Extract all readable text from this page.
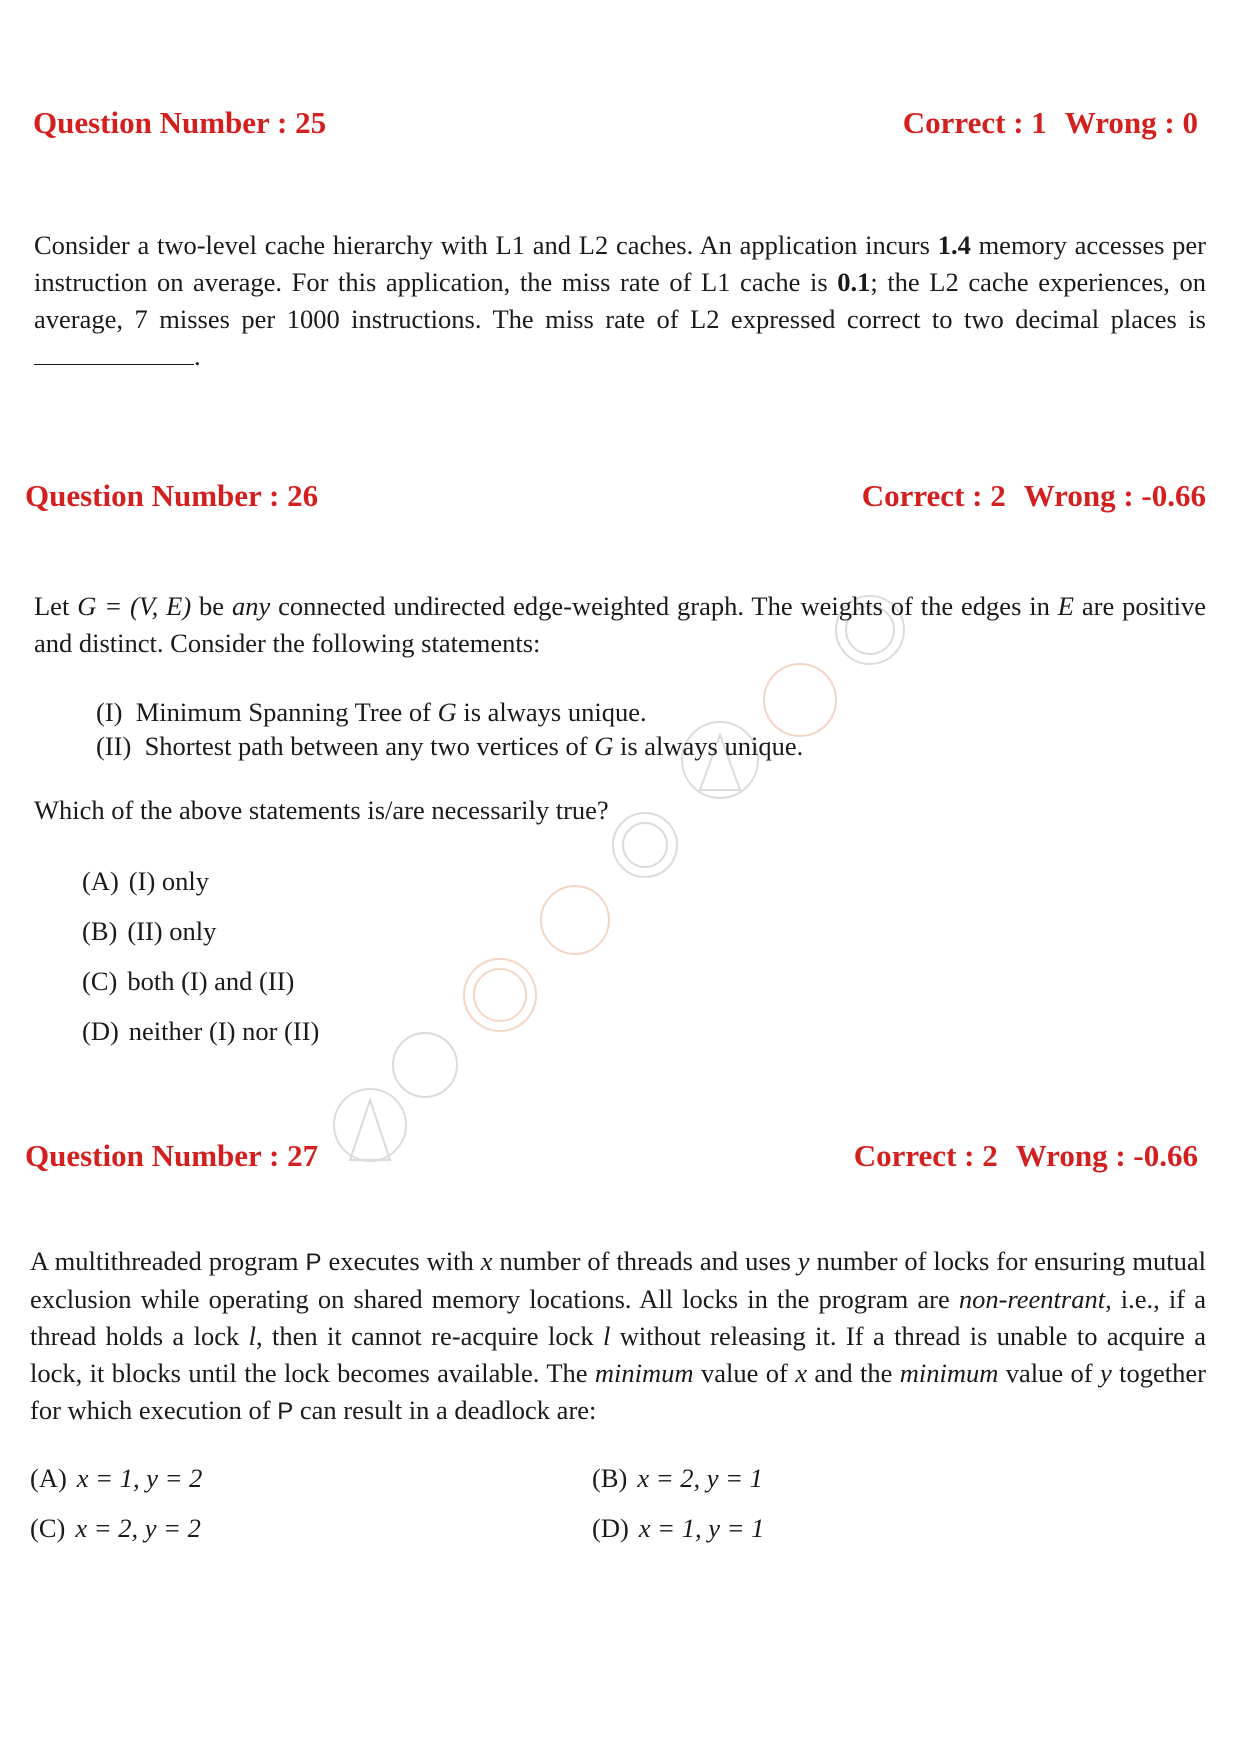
Question Number : 25	Correct : 1 Wrong : 0
Consider a two-level cache hierarchy with L1 and L2 caches. An application incurs 1.4 memory accesses per instruction on average. For this application, the miss rate of L1 cache is 0.1; the L2 cache experiences, on average, 7 misses per 1000 instructions. The miss rate of L2 expressed correct to two decimal places is .
Question Number : 26	Correct : 2 Wrong : -0.66
Let G = (V, E) be any connected undirected edge-weighted graph. The weights of the edges in E are positive and distinct. Consider the following statements:
(I) Minimum Spanning Tree of G is always unique.
(II) Shortest path between any two vertices of G is always unique.
Which of the above statements is/are necessarily true?
(A) (I) only
(B) (II) only
(C) both (I) and (II)
(D) neither (I) nor (II)
Question Number : 27	Correct : 2 Wrong : -0.66
A multithreaded program P executes with x number of threads and uses y number of locks for ensuring mutual exclusion while operating on shared memory locations. All locks in the program are non-reentrant, i.e., if a thread holds a lock l, then it cannot re-acquire lock l without releasing it. If a thread is unable to acquire a lock, it blocks until the lock becomes available. The minimum value of x and the minimum value of y together for which execution of P can result in a deadlock are:
(A) x = 1, y = 2	(B) x = 2, y = 1
(C) x = 2, y = 2	(D) x = 1, y = 1
